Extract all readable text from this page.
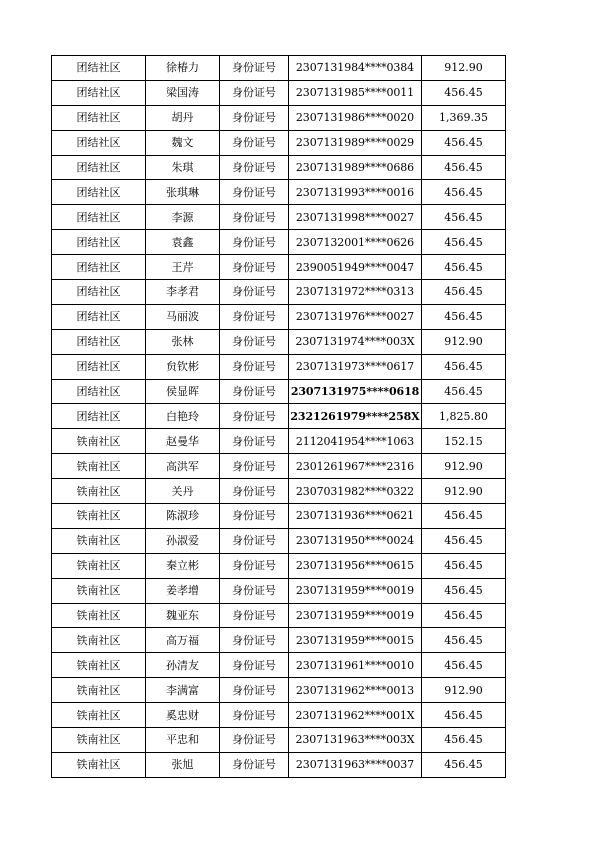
团结社区	徐椿力	身份证号	2307131984****0384	912.90
团结社区	梁国涛	身份证号	2307131985****0011	456.45
团结社区	胡丹	身份证号	2307131986****0020	1,369.35
团结社区	魏文	身份证号	2307131989****0029	456.45
团结社区	朱琪	身份证号	2307131989****0686	456.45
团结社区	张琪琳	身份证号	2307131993****0016	456.45
团结社区	李源	身份证号	2307131998****0027	456.45
团结社区	袁鑫	身份证号	2307132001****0626	456.45
团结社区	王芹	身份证号	2390051949****0047	456.45
团结社区	李孝君	身份证号	2307131972****0313	456.45
团结社区	马丽波	身份证号	2307131976****0027	456.45
团结社区	张林	身份证号	2307131974****003X	912.90
团结社区	贠钦彬	身份证号	2307131973****0617	456.45
团结社区	侯显晖	身份证号	2307131975****0618	456.45
团结社区	白艳玲	身份证号	2321261979****258X	1,825.80
铁南社区	赵曼华	身份证号	2112041954****1063	152.15
铁南社区	高洪军	身份证号	2301261967****2316	912.90
铁南社区	关丹	身份证号	2307031982****0322	912.90
铁南社区	陈淑珍	身份证号	2307131936****0621	456.45
铁南社区	孙淑爱	身份证号	2307131950****0024	456.45
铁南社区	秦立彬	身份证号	2307131956****0615	456.45
铁南社区	姜孝增	身份证号	2307131959****0019	456.45
铁南社区	魏亚东	身份证号	2307131959****0019	456.45
铁南社区	高万福	身份证号	2307131959****0015	456.45
铁南社区	孙清友	身份证号	2307131961****0010	456.45
铁南社区	李满富	身份证号	2307131962****0013	912.90
铁南社区	奚忠财	身份证号	2307131962****001X	456.45
铁南社区	平忠和	身份证号	2307131963****003X	456.45
铁南社区	张旭	身份证号	2307131963****0037	456.45
